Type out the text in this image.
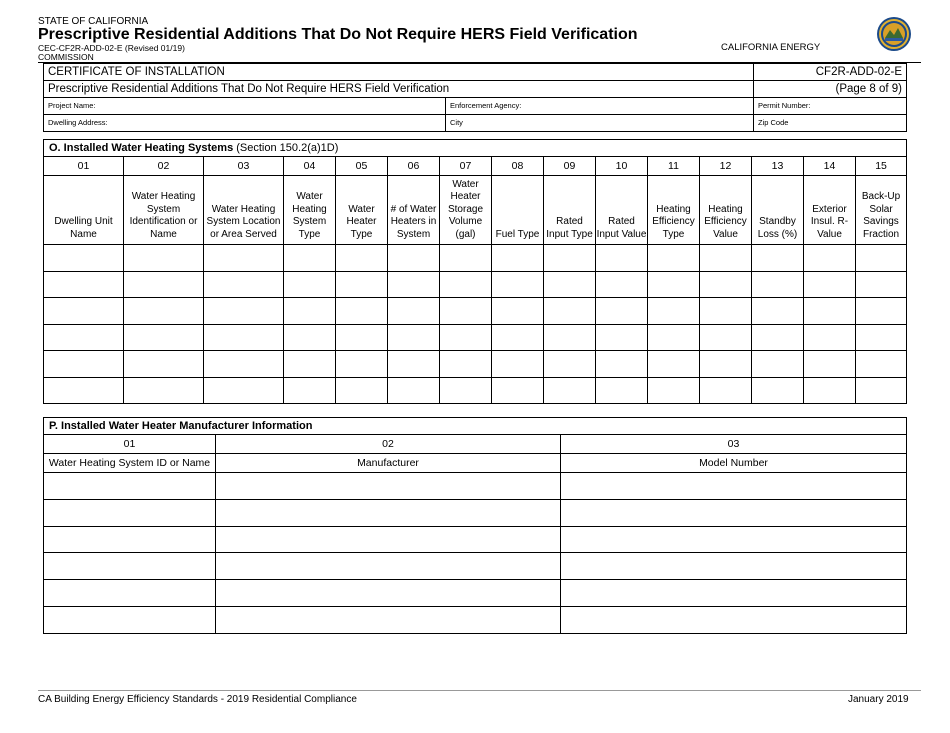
STATE OF CALIFORNIA
Prescriptive Residential Additions That Do Not Require HERS Field Verification
CEC-CF2R-ADD-02-E (Revised 01/19)
COMMISSION
CALIFORNIA ENERGY
CERTIFICATE OF INSTALLATION		CF2R-ADD-02-E
Prescriptive Residential Additions That Do Not Require HERS Field Verification		(Page 8 of 9)
Project Name:	Enforcement Agency:	Permit Number:
Dwelling Address:	City	Zip Code
O. Installed Water Heating Systems (Section 150.2(a)1D)														
01	02	03	04	05	06	07	08	09	10	11	12	13	14	15
Dwelling Unit Name	Water Heating System Identification or Name	Water Heating System Location or Area Served	Water Heating System Type	Water Heater Type	# of Water Heaters in System	Water Heater Storage Volume (gal)	Fuel Type	Rated Input Type	Rated Input Value	Heating Efficiency Type	Heating Efficiency Value	Standby Loss (%)	Exterior Insul. R-Value	Back-Up Solar Savings Fraction

P. Installed Water Heater Manufacturer Information		
01	02	03
Water Heating System ID or Name	Manufacturer	Model Number

CA Building Energy Efficiency Standards - 2019 Residential Compliance	January 2019
